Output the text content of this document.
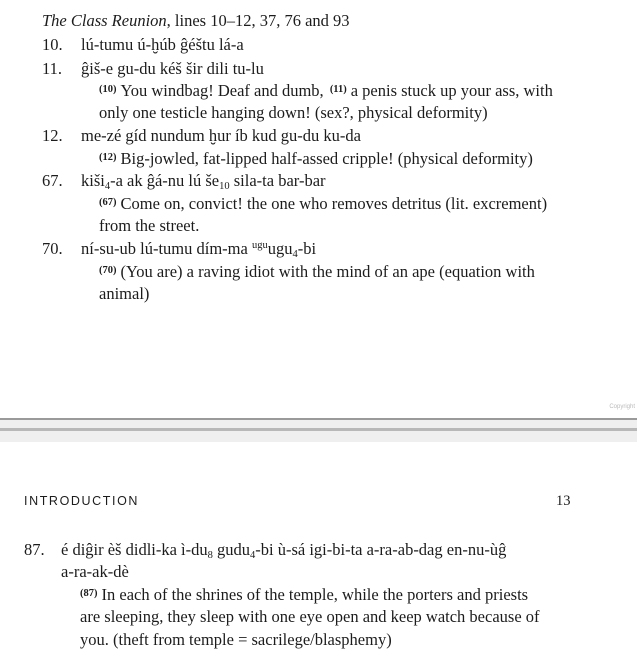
The Class Reunion, lines 10–12, 37, 76 and 93
10. lú-tumu ú-ḫúb ĝéštu lá-a
11. ĝiš-e gu-du kéš šir dili tu-lu
$^{(10)}$ You windbag! Deaf and dumb, $^{(11)}$ a penis stuck up your ass, with
only one testicle hanging down! (sex?, physical deformity)
12. me-zé gíd nundum ḫur íb kud gu-du ku-da
$^{(12)}$ Big-jowled, fat-lipped half-assed cripple! (physical deformity)
67. kiši$_4$-a ak ĝá-nu lú $še_{10}$ sila-ta bar-bar
$^{(67)}$ Come on, convict! the one who removes detritus (lit. excrement)
from the street.
70. ní-su-ub lú-tumu dím-ma $^{ugu}$ugu$_4$-bi
$^{(70)}$ (You are) a raving idiot with the mind of an ape (equation with
animal)
Copyright
INTRODUCTION	13
87. é diĝir èš didli-ka $ì-du_8$ gudu$_4$-bi ù-sá igi-bi-ta a-ra-ab-dag en-nu-ùĝ
a-ra-ak-dè
$^{(87)}$ In each of the shrines of the temple, while the porters and priests
are sleeping, they sleep with one eye open and keep watch because of
you. (theft from temple = sacrilege/blasphemy)
